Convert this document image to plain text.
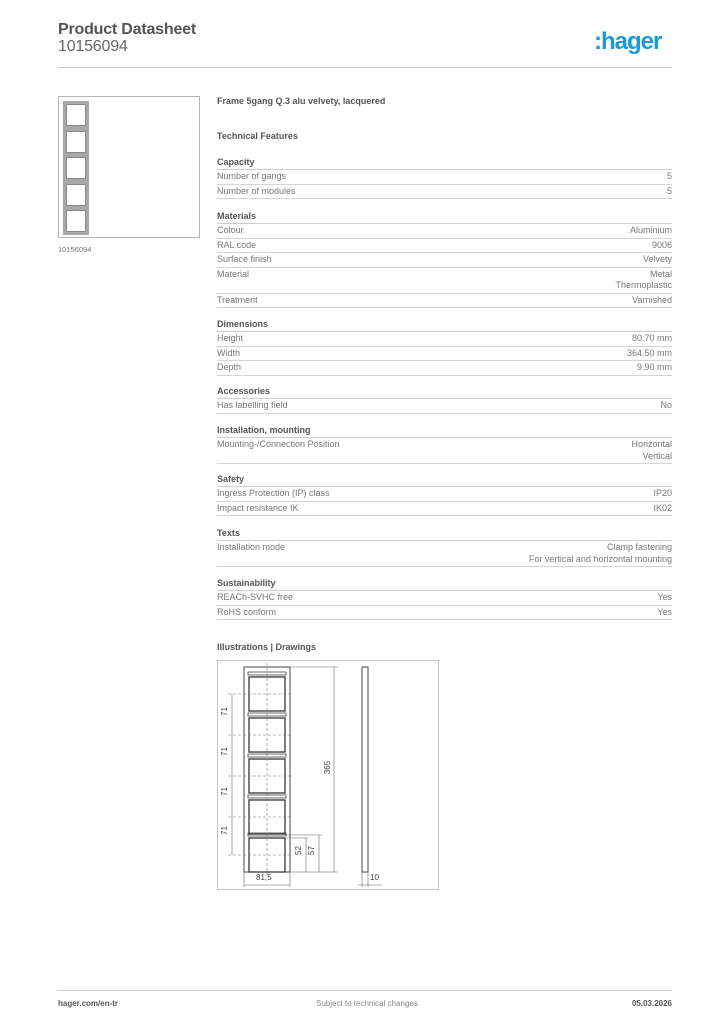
Product Datasheet
10156094	:hager
10156094
Frame 5gang Q.3 alu velvety, lacquered
Technical Features
Capacity
Number of gangs	5
Number of modules	5
Materials
Colour	Aluminium
RAL code	9006
Surface finish	Velvety
Material	Metal
Thermoplastic
Treatment	Varnished
Dimensions
Height	80.70 mm
Width	364.50 mm
Depth	9.90 mm
Accessories
Has labelling field	No
Installation, mounting
Mounting-/Connection Position	Horizontal
Vertical
Safety
Ingress Protection (IP) class	IP20
Impact resistance IK	IK02
Texts
Installation mode	Clamp fastening
For vertical and horizontal mounting
Sustainability
REACh-SVHC free	Yes
RoHS conform	Yes
Illustrations | Drawings
71
71
71
71
365
52 57
81,5	10
hager.com/en-tr	Subject to technical changes	05.03.2026
